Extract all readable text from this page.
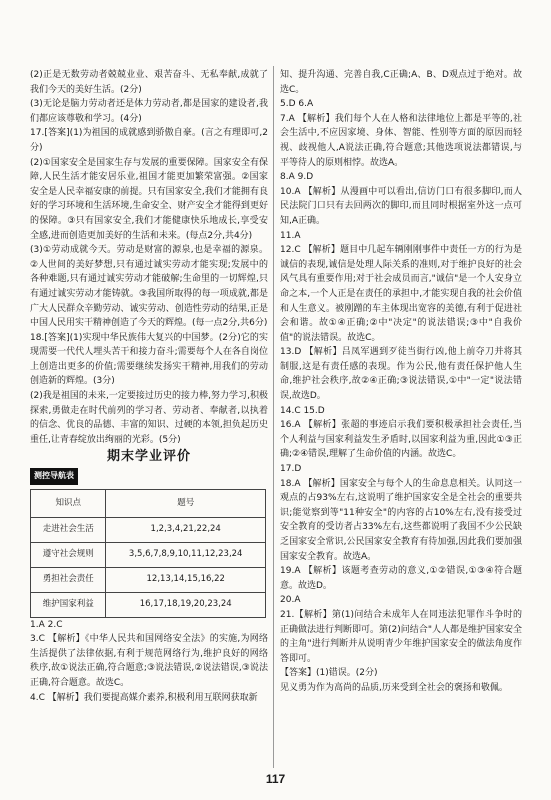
(2)正是无数劳动者兢兢业业、艰苦奋斗、无私奉献,成就了我们今天的美好生活。(2分)

(3)无论是脑力劳动者还是体力劳动者,都是国家的建设者,我们都应该尊敬和学习。(4分)

17.[答案](1)为祖国的成就感到骄傲自豪。(言之有理即可,2分)

(2)①国家安全是国家生存与发展的重要保障。国家安全有保障,人民生活才能安居乐业,祖国才能更加繁荣富强。②国家安全是人民幸福安康的前提。只有国家安全,我们才能拥有良好的学习环境和生活环境,生命安全、财产安全才能得到更好的保障。③只有国家安全,我们才能健康快乐地成长,享受安全感,进而创造更加美好的生活和未来。(每点2分,共4分)

(3)①劳动成就今天。劳动是财富的源泉,也是幸福的源泉。②人世间的美好梦想,只有通过诚实劳动才能实现;发展中的各种难题,只有通过诚实劳动才能破解;生命里的一切辉煌,只有通过诚实劳动才能铸就。③我国所取得的每一项成就,都是广大人民群众辛勤劳动、诚实劳动、创造性劳动的结果,正是中国人民用实干精神创造了今天的辉煌。(每一点2分,共6分)

18.[答案](1)实现中华民族伟大复兴的中国梦。(2分)它的实现需要一代代人埋头苦干和接力奋斗;需要每个人在各自岗位上创造出更多的价值;需要继续发扬实干精神,用我们的劳动创造新的辉煌。(3分)

(2)我是祖国的未来,一定要接过历史的接力棒,努力学习,积极探索,勇做走在时代前列的学习者、劳动者、奉献者,以执着的信念、优良的品德、丰富的知识、过硬的本领,担负起历史重任,让青春绽放出绚丽的光彩。(5分)

期末学业评价
测控导航表
知识点	题号
走进社会生活	1,2,3,4,21,22,24
遵守社会规则	3,5,6,7,8,9,10,11,12,23,24
勇担社会责任	12,13,14,15,16,22
维护国家利益	16,17,18,19,20,23,24

1.A 2.C

3.C 【解析】《中华人民共和国网络安全法》的实施,为网络生活提供了法律依据,有利于规范网络行为,维护良好的网络秩序,故①说法正确,符合题意;③说法错误,②说法错误,③说法正确,符合题意。故选C。

4.C 【解析】我们要提高媒介素养,积极利用互联网获取新

知、提升沟通、完善自我,C正确;A、B、D观点过于绝对。故选C。

5.D 6.A

7.A 【解析】我们每个人在人格和法律地位上都是平等的,社会生活中,不应因家境、身体、智能、性别等方面的原因而轻视、歧视他人,A说法正确,符合题意;其他选项说法都错误,与平等待人的原则相悖。故选A。

8.A 9.D

10.A 【解析】从漫画中可以看出,信访门口有很多脚印,而人民法院门口只有去回两次的脚印,而且同时根据室外这一点可知,A正确。

11.A

12.C 【解析】题目中几起车辆刚刚事件中责任一方的行为是诚信的表现,诚信是处理人际关系的准则,对于维护良好的社会风气具有重要作用;对于社会成员而言,"诚信"是一个人安身立命之本,一个人正是在责任的承担中,才能实现自我的社会价值和人生意义。被刚蹭的车主体现出宽容的美德,有利于促进社会和谐。故①④正确;②中"决定"的说法错误;③中"自我价值"的说法错误。故选C。

13.D 【解析】吕凤军遇到歹徒当街行凶,他上前夺刀并将其制服,这是有责任感的表现。作为公民,他有责任保护他人生命,维护社会秩序,故②④正确;③说法错误,①中"一定"说法错误,故选D。

14.C 15.D

16.A 【解析】张超的事迹启示我们要积极承担社会责任,当个人利益与国家利益发生矛盾时,以国家利益为重,因此①③正确;②④错误,理解了生命价值的内涵。故选C。

17.D

18.A 【解析】国家安全与每个人的生命息息相关。认同这一观点的占93%左右,这说明了维护国家安全是全社会的重要共识;能觉察到等"11种安全"的内容的占10%左右,没有接受过安全教育的受访者占33%左右,这些都说明了我国不少公民缺乏国家安全常识,公民国家安全教育有待加强,因此我们要加强国家安全教育。故选A。

19.A 【解析】该题考查劳动的意义,①②错误,①③④符合题意。故选D。

20.A

21.【解析】第(1)问结合未成年人在同违法犯罪作斗争时的正确做法进行判断即可。第(2)问结合"人人都是维护国家安全的主角"进行判断并从说明青少年维护国家安全的做法角度作答即可。

【答案】(1)错误。(2分)

见义勇为作为高尚的品质,历来受到全社会的褒扬和敬佩。

117
